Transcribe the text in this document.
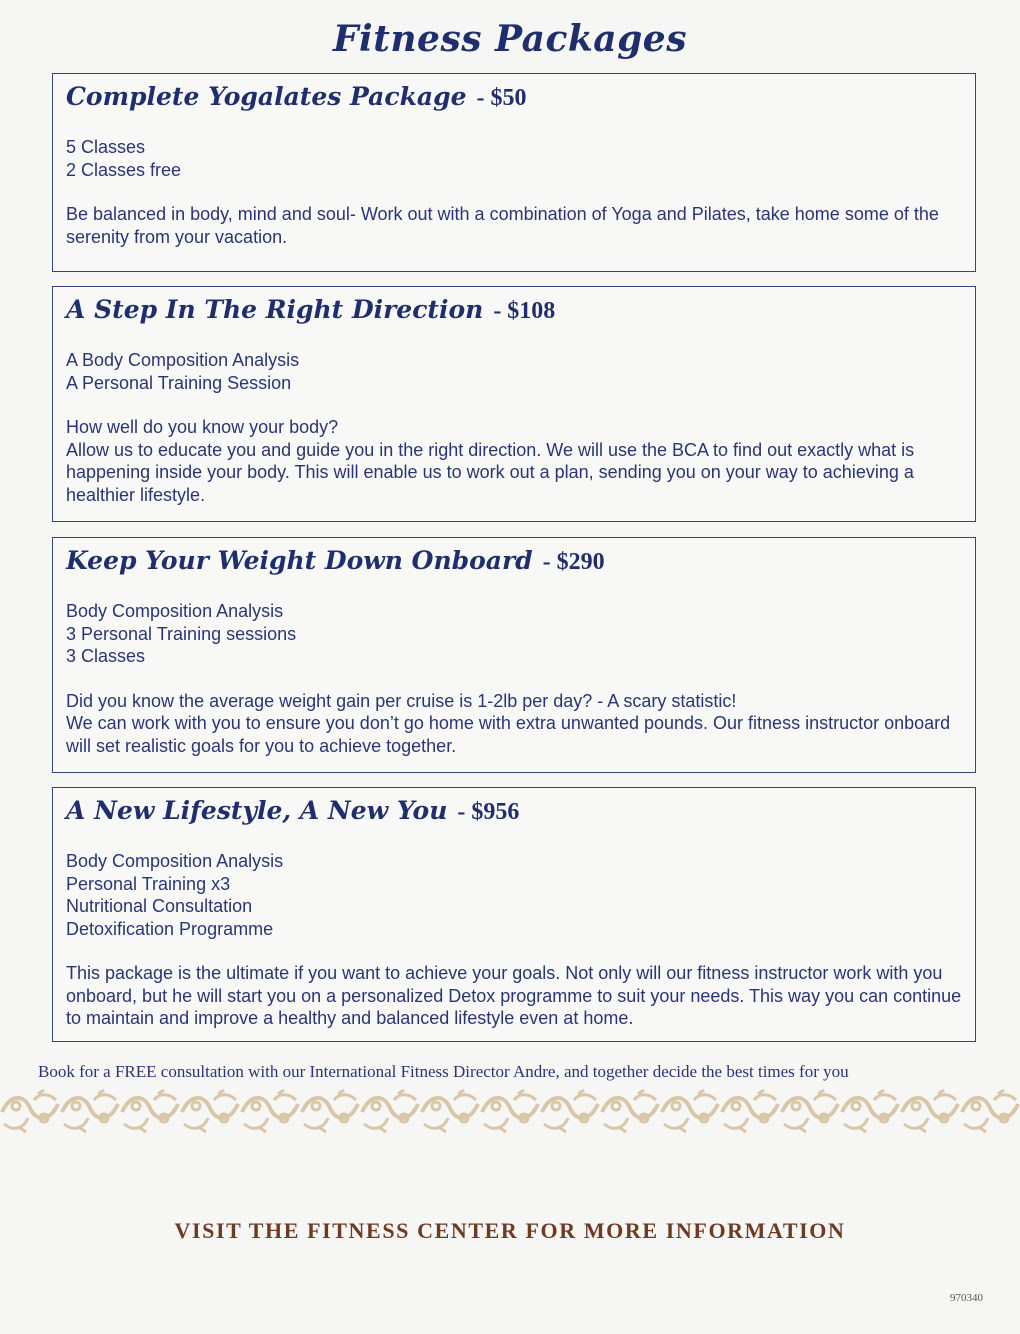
Fitness Packages
Complete Yogalates Package - $50
5 Classes
2 Classes free
Be balanced in body, mind and soul- Work out with a combination of Yoga and Pilates, take home some of the serenity from your vacation.
A Step In The Right Direction - $108
A Body Composition Analysis
A Personal Training Session
How well do you know your body?
Allow us to educate you and guide you in the right direction. We will use the BCA to find out exactly what is happening inside your body. This will enable us to work out a plan, sending you on your way to achieving a healthier lifestyle.
Keep Your Weight Down Onboard - $290
Body Composition Analysis
3 Personal Training sessions
3 Classes
Did you know the average weight gain per cruise is 1-2lb per day? - A scary statistic!
We can work with you to ensure you don’t go home with extra unwanted pounds. Our fitness instructor onboard will set realistic goals for you to achieve together.
A New Lifestyle, A New You - $956
Body Composition Analysis
Personal Training x3
Nutritional Consultation
Detoxification Programme
This package is the ultimate if you want to achieve your goals. Not only will our fitness instructor work with you onboard, but he will start you on a personalized Detox programme to suit your needs. This way you can continue to maintain and improve a healthy and balanced lifestyle even at home.
Book for a FREE consultation with our International Fitness Director Andre, and together decide the best times for you
VISIT THE FITNESS CENTER FOR MORE INFORMATION
970340
